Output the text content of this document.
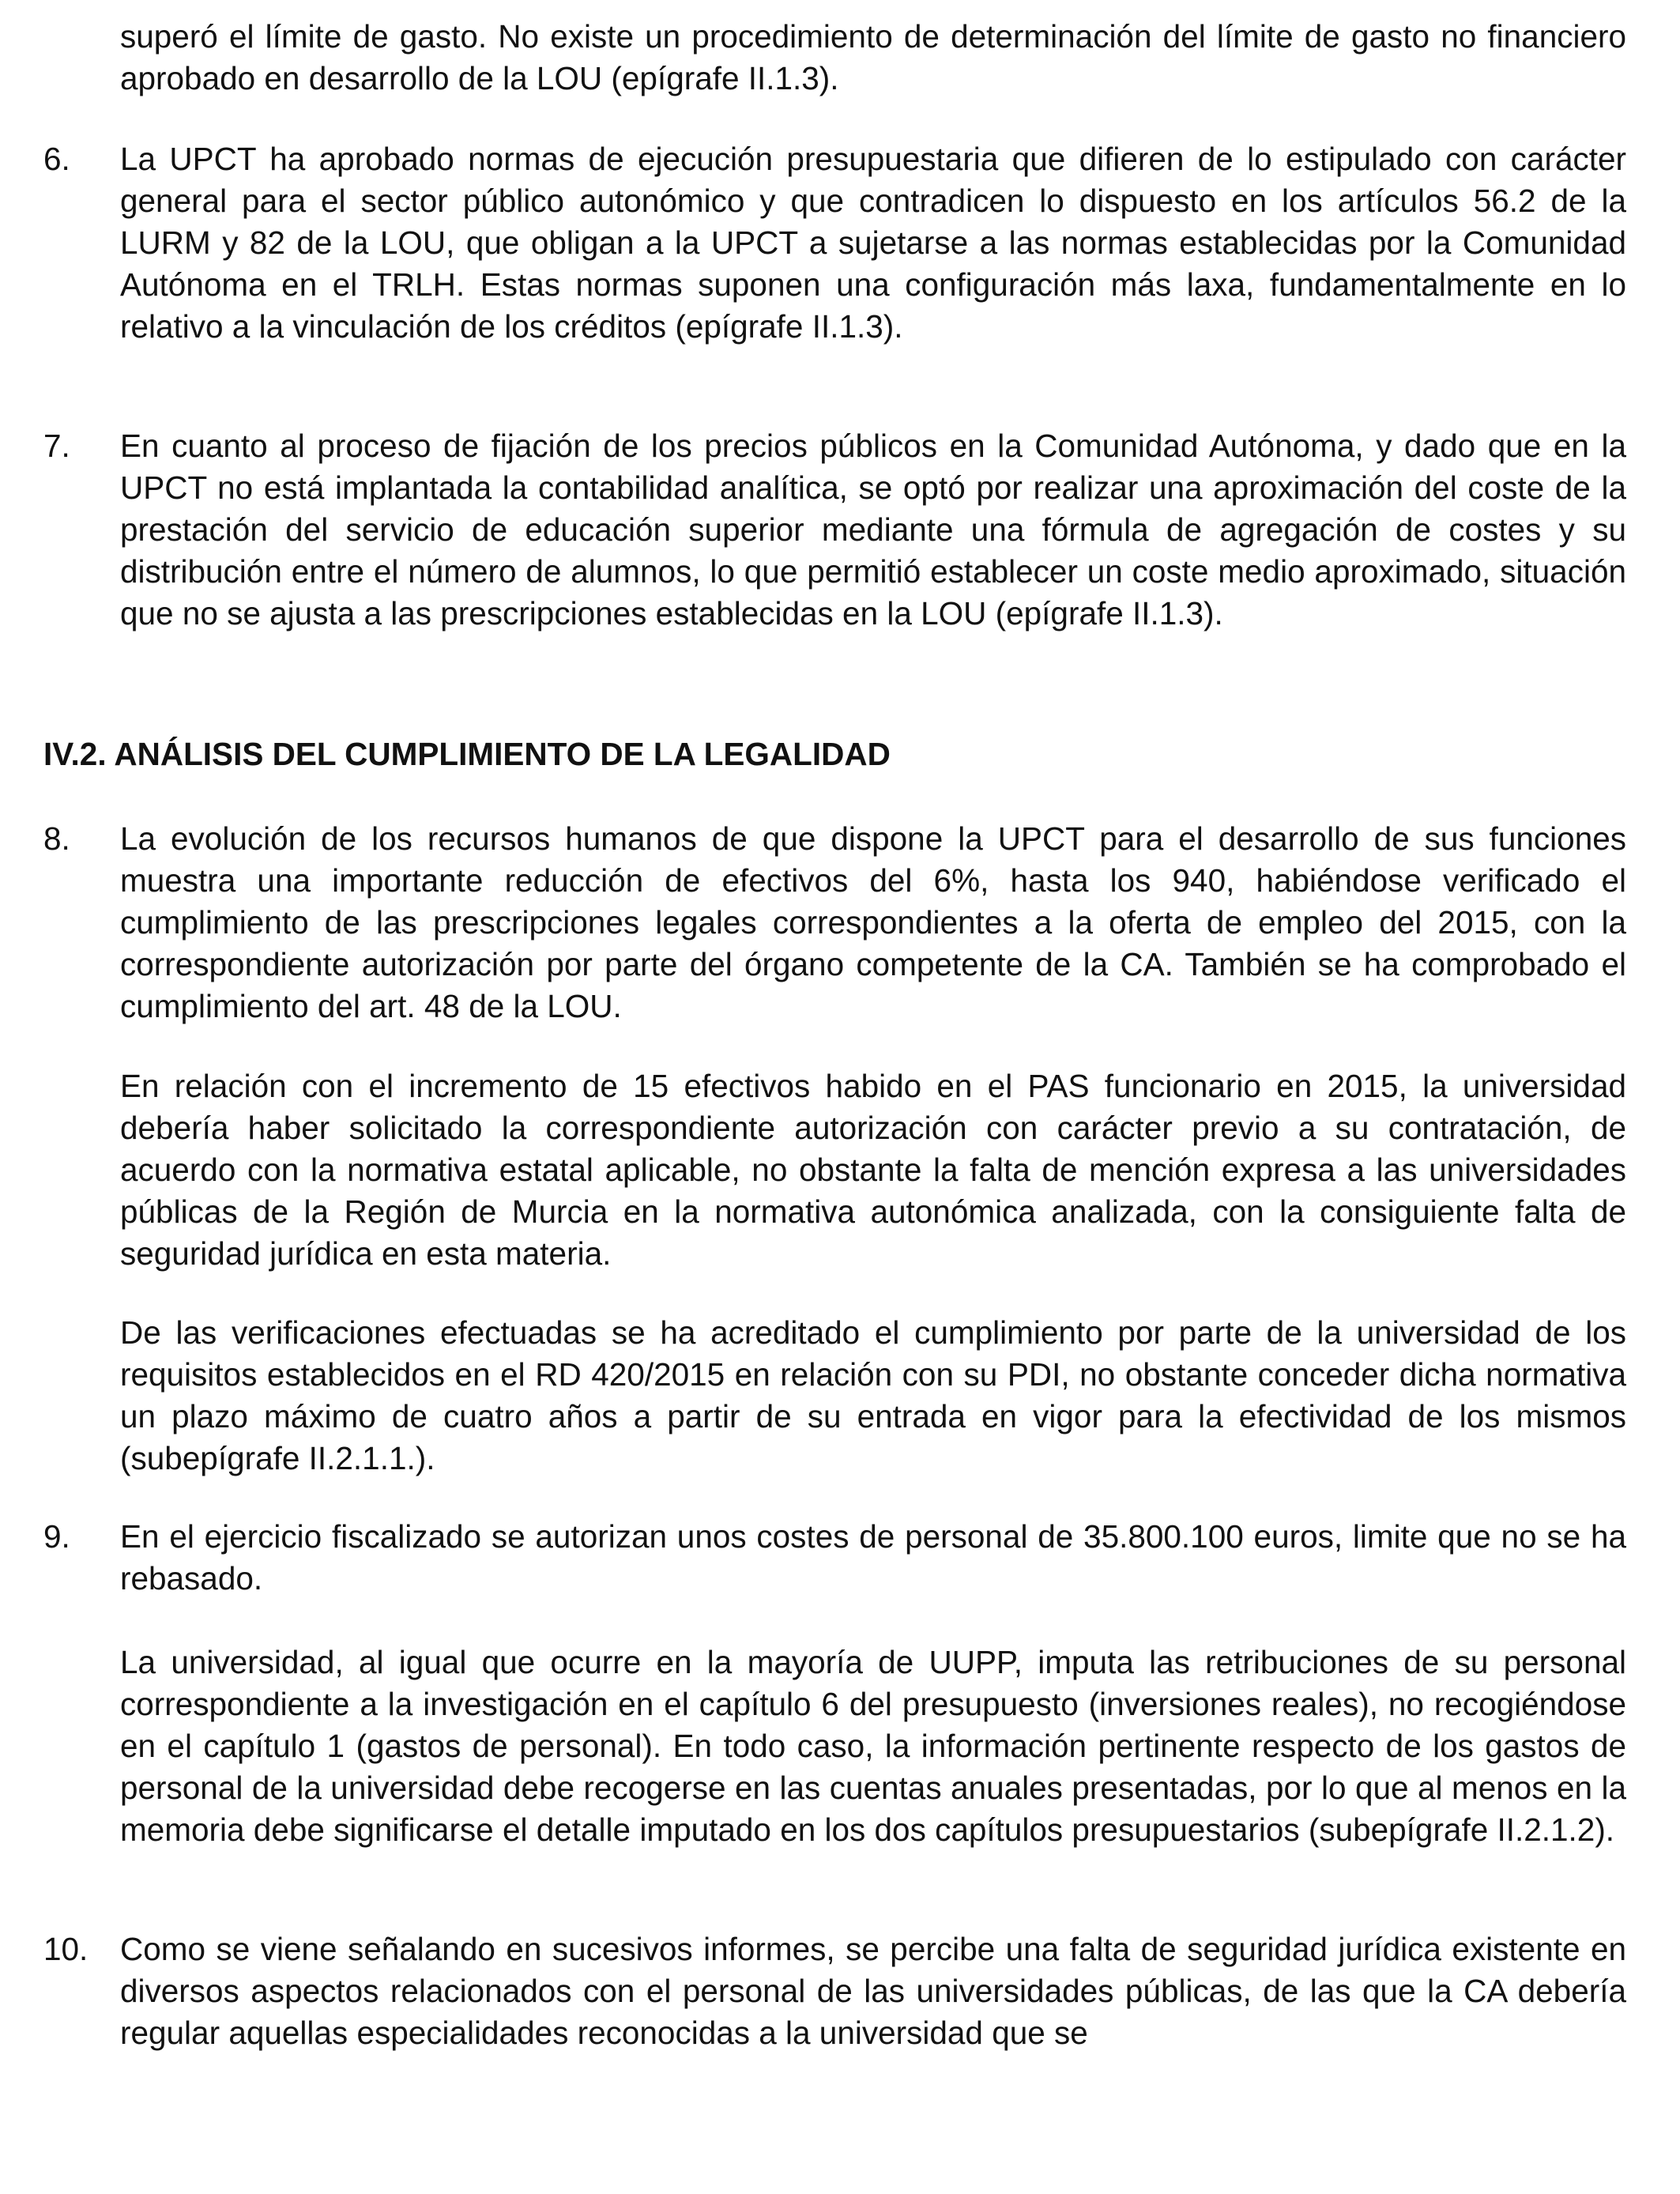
superó el límite de gasto. No existe un procedimiento de determinación del límite de gasto no financiero aprobado en desarrollo de la LOU (epígrafe II.1.3).

6.	La UPCT ha aprobado normas de ejecución presupuestaria que difieren de lo estipulado con carácter general para el sector público autonómico y que contradicen lo dispuesto en los artículos 56.2 de la LURM y 82 de la LOU, que obligan a la UPCT a sujetarse a las normas establecidas por la Comunidad Autónoma en el TRLH. Estas normas suponen una configuración más laxa, fundamentalmente en lo relativo a la vinculación de los créditos (epígrafe II.1.3).

7.	En cuanto al proceso de fijación de los precios públicos en la Comunidad Autónoma, y dado que en la UPCT no está implantada la contabilidad analítica, se optó por realizar una aproximación del coste de la prestación del servicio de educación superior mediante una fórmula de agregación de costes y su distribución entre el número de alumnos, lo que permitió establecer un coste medio aproximado, situación que no se ajusta a las prescripciones establecidas en la LOU (epígrafe II.1.3).

IV.2. ANÁLISIS DEL CUMPLIMIENTO DE LA LEGALIDAD
8.	La evolución de los recursos humanos de que dispone la UPCT para el desarrollo de sus funciones muestra una importante reducción de efectivos del 6%, hasta los 940, habiéndose verificado el cumplimiento de las prescripciones legales correspondientes a la oferta de empleo del 2015, con la correspondiente autorización por parte del órgano competente de la CA. También se ha comprobado el cumplimiento del art. 48 de la LOU.

En relación con el incremento de 15 efectivos habido en el PAS funcionario en 2015, la universidad debería haber solicitado la correspondiente autorización con carácter previo a su contratación, de acuerdo con la normativa estatal aplicable, no obstante la falta de mención expresa a las universidades públicas de la Región de Murcia en la normativa autonómica analizada, con la consiguiente falta de seguridad jurídica en esta materia.

De las verificaciones efectuadas se ha acreditado el cumplimiento por parte de la universidad de los requisitos establecidos en el RD 420/2015 en relación con su PDI, no obstante conceder dicha normativa un plazo máximo de cuatro años a partir de su entrada en vigor para la efectividad de los mismos (subepígrafe II.2.1.1.).

9.	En el ejercicio fiscalizado se autorizan unos costes de personal de 35.800.100 euros, limite que no se ha rebasado.

La universidad, al igual que ocurre en la mayoría de UUPP, imputa las retribuciones de su personal correspondiente a la investigación en el capítulo 6 del presupuesto (inversiones reales), no recogiéndose en el capítulo 1 (gastos de personal). En todo caso, la información pertinente respecto de los gastos de personal de la universidad debe recogerse en las cuentas anuales presentadas, por lo que al menos en la memoria debe significarse el detalle imputado en los dos capítulos presupuestarios (subepígrafe II.2.1.2).

10.	Como se viene señalando en sucesivos informes, se percibe una falta de seguridad jurídica existente en diversos aspectos relacionados con el personal de las universidades públicas, de las que la CA debería regular aquellas especialidades reconocidas a la universidad que se
